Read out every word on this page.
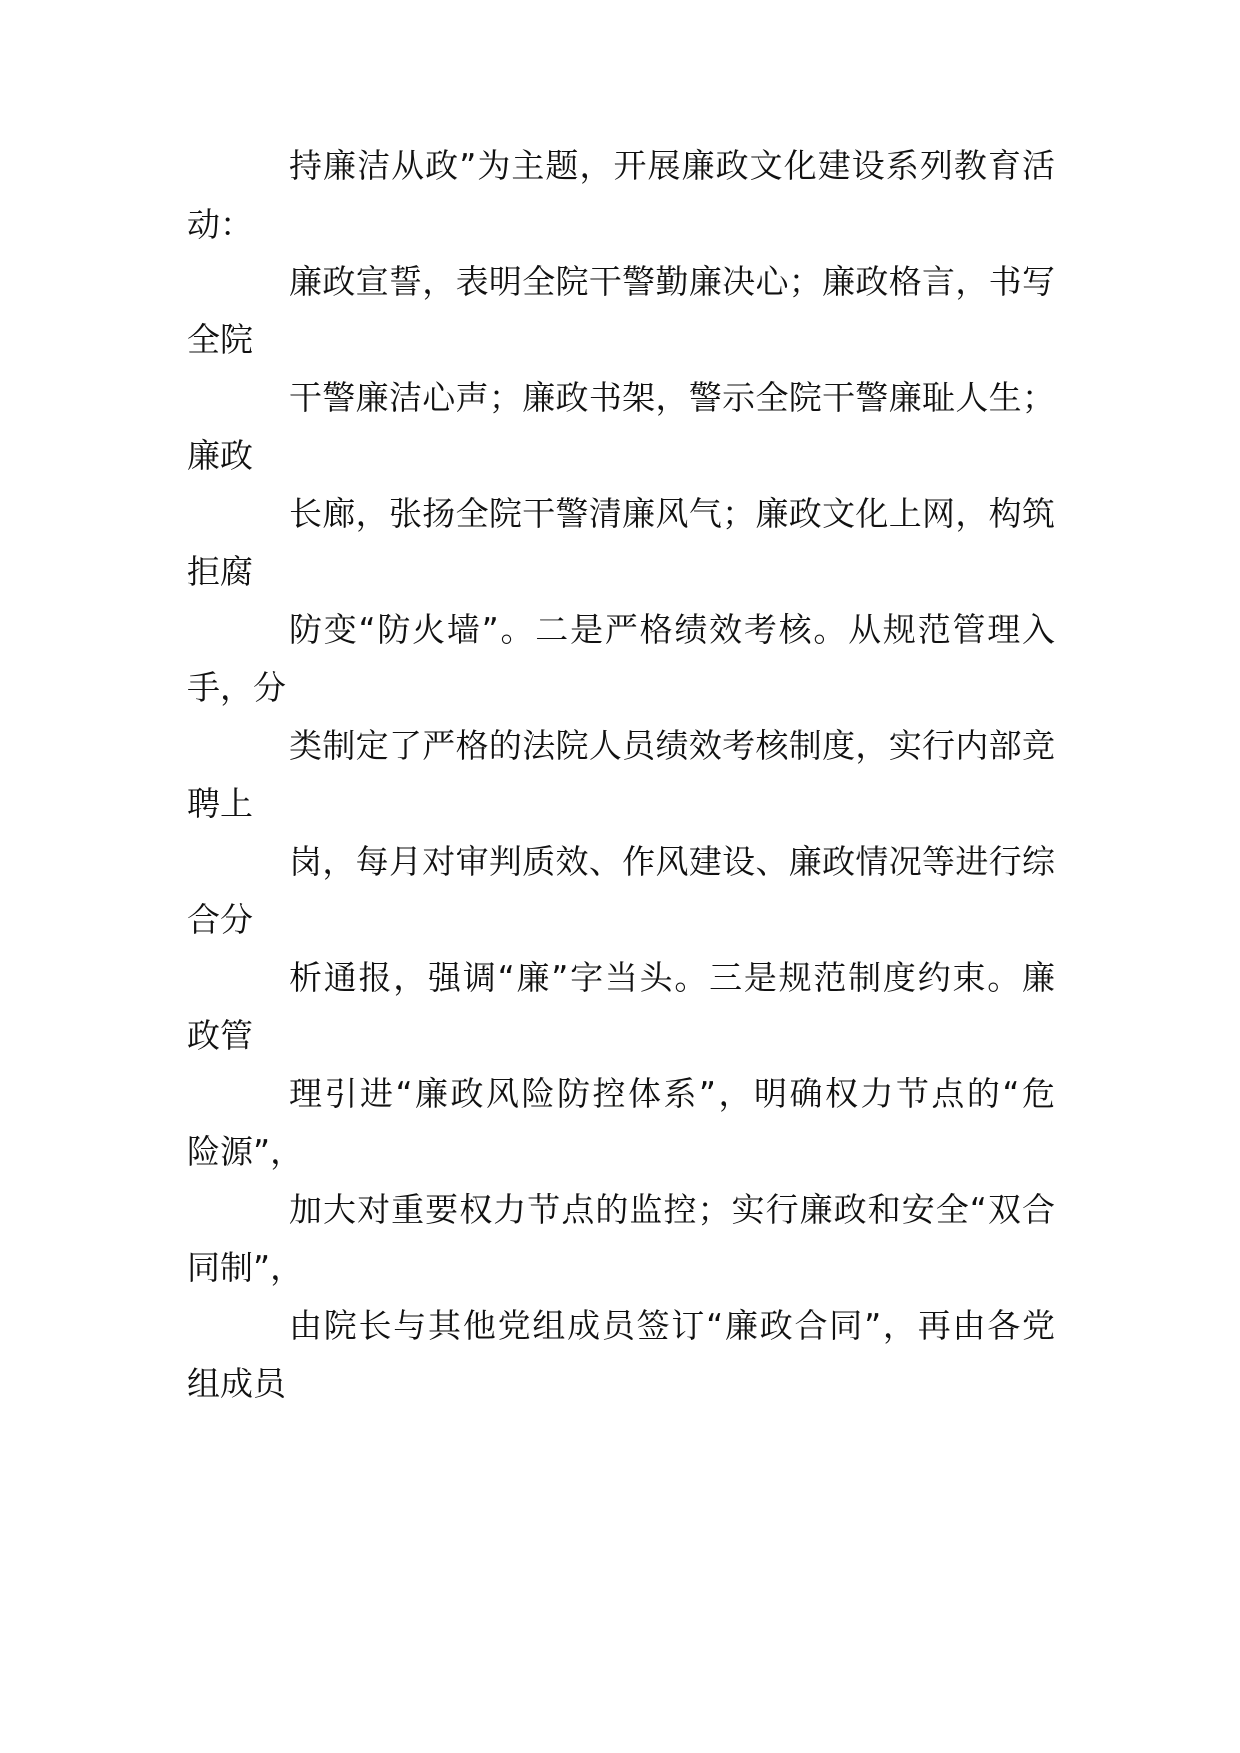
持廉洁从政”为主题，开展廉政文化建设系列教育活

动：

廉政宣誓，表明全院干警勤廉决心；廉政格言，书写

全院

干警廉洁心声；廉政书架，警示全院干警廉耻人生；

廉政

长廊，张扬全院干警清廉风气；廉政文化上网，构筑

拒腐

防变“防火墙”。二是严格绩效考核。从规范管理入

手，分

类制定了严格的法院人员绩效考核制度，实行内部竞

聘上

岗，每月对审判质效、作风建设、廉政情况等进行综

合分

析通报，强调“廉”字当头。三是规范制度约束。廉

政管

理引进“廉政风险防控体系”，明确权力节点的“危

险源”，

加大对重要权力节点的监控；实行廉政和安全“双合

同制”，

由院长与其他党组成员签订“廉政合同”，再由各党

组成员
